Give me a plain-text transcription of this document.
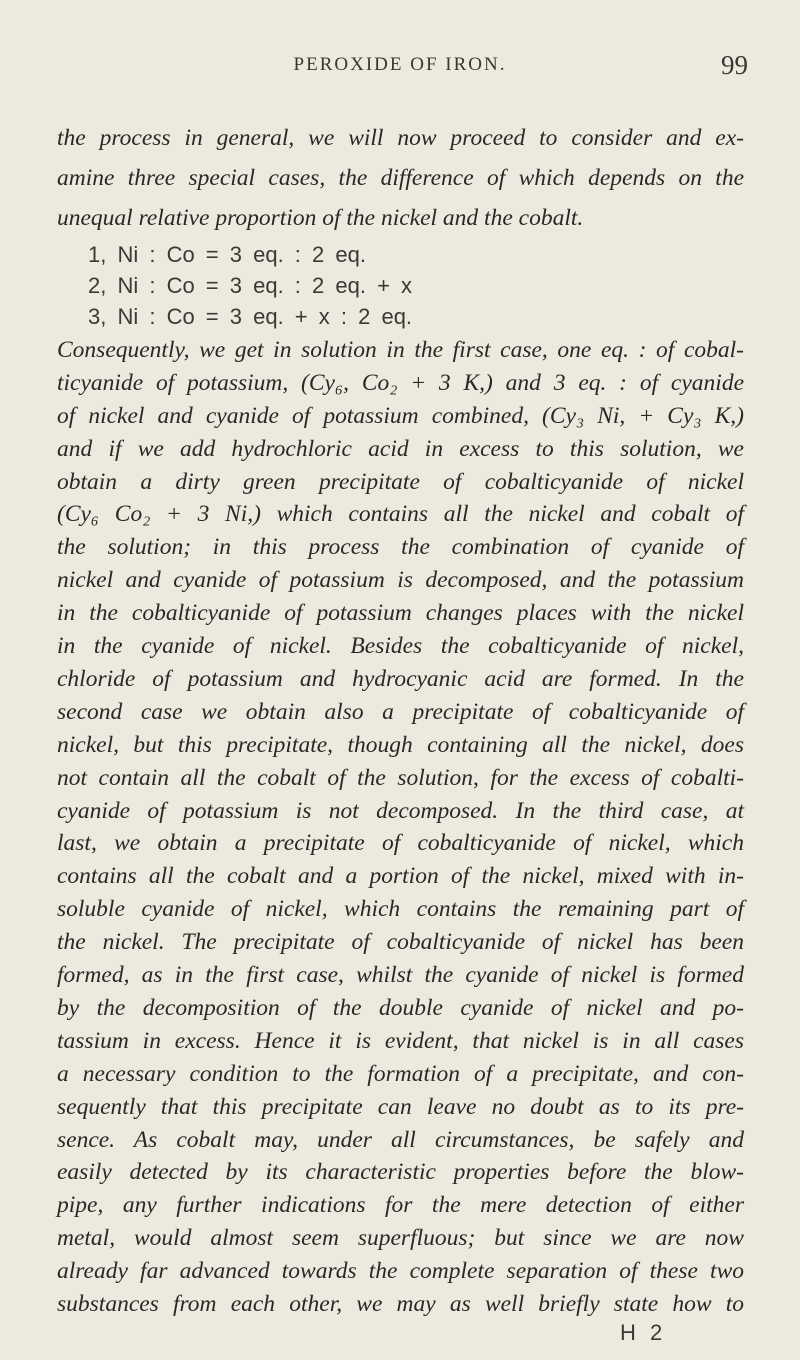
PEROXIDE OF IRON.	99
the process in general, we will now proceed to consider and ex-
amine three special cases, the difference of which depends on the
unequal relative proportion of the nickel and the cobalt.
1, Ni : Co = 3 eq. : 2 eq.
2, Ni : Co = 3 eq. : 2 eq. + x
3, Ni : Co = 3 eq. + x : 2 eq.
Consequently, we get in solution in the first case, one eq. : of cobal-
ticyanide of potassium, (Cy₆, Co₂ + 3 K,) and 3 eq. : of cyanide
of nickel and cyanide of potassium combined, (Cy₃ Ni, + Cy₃ K,)
and if we add hydrochloric acid in excess to this solution, we
obtain a dirty green precipitate of cobalticyanide of nickel
(Cy₆ Co₂ + 3 Ni,) which contains all the nickel and cobalt of
the solution; in this process the combination of cyanide of
nickel and cyanide of potassium is decomposed, and the potassium
in the cobalticyanide of potassium changes places with the nickel
in the cyanide of nickel. Besides the cobalticyanide of nickel,
chloride of potassium and hydrocyanic acid are formed. In the
second case we obtain also a precipitate of cobalticyanide of
nickel, but this precipitate, though containing all the nickel, does
not contain all the cobalt of the solution, for the excess of cobalti-
cyanide of potassium is not decomposed. In the third case, at
last, we obtain a precipitate of cobalticyanide of nickel, which
contains all the cobalt and a portion of the nickel, mixed with in-
soluble cyanide of nickel, which contains the remaining part of
the nickel. The precipitate of cobalticyanide of nickel has been
formed, as in the first case, whilst the cyanide of nickel is formed
by the decomposition of the double cyanide of nickel and po-
tassium in excess. Hence it is evident, that nickel is in all cases
a necessary condition to the formation of a precipitate, and con-
sequently that this precipitate can leave no doubt as to its pre-
sence. As cobalt may, under all circumstances, be safely and
easily detected by its characteristic properties before the blow-
pipe, any further indications for the mere detection of either
metal, would almost seem superfluous; but since we are now
already far advanced towards the complete separation of these two
substances from each other, we may as well briefly state how to
H 2
